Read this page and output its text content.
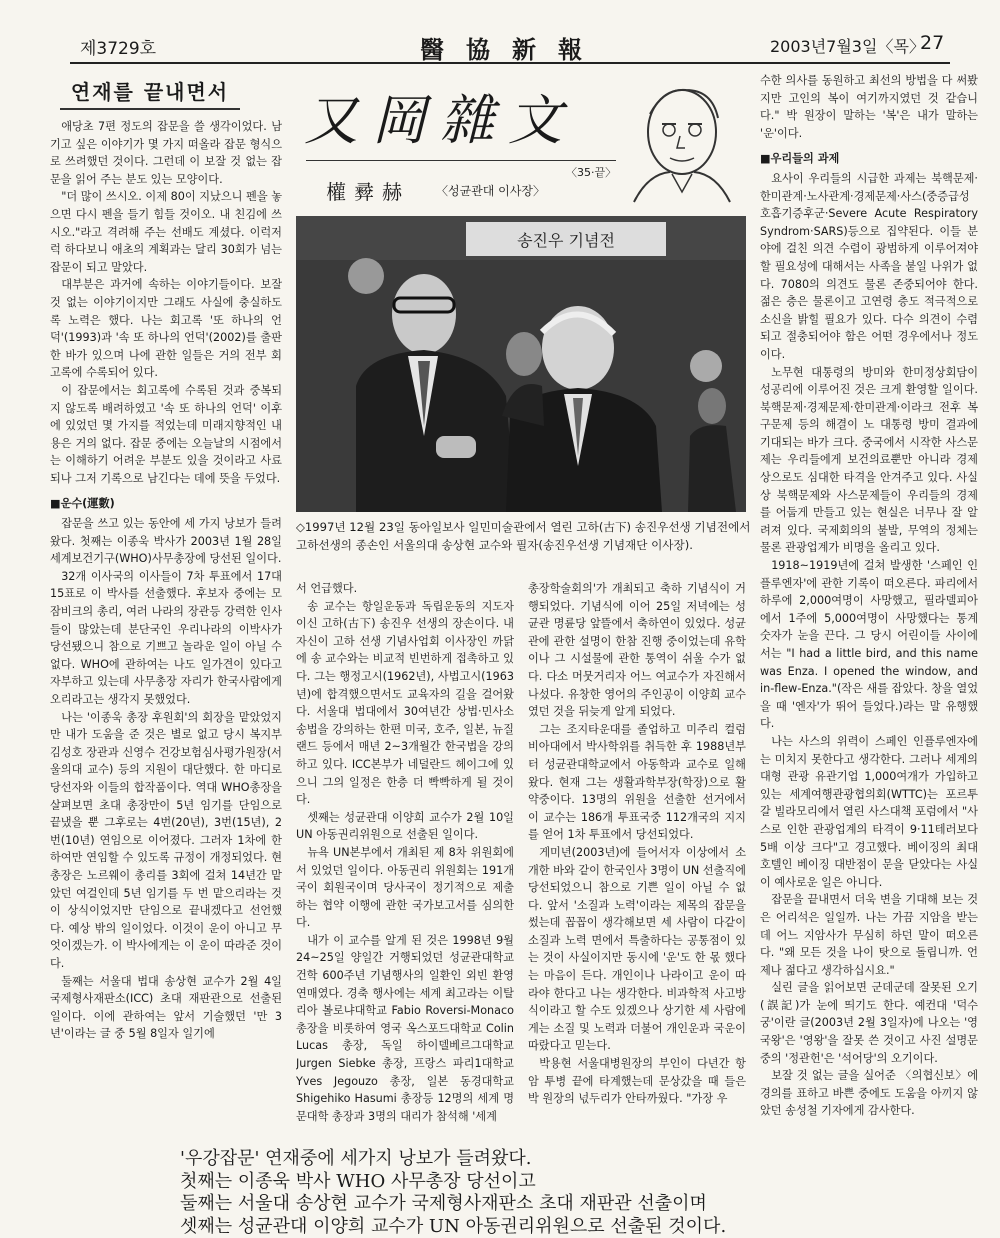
제3729호	醫協新報	2003년7월3일〈목〉
27
연재를 끝내면서 又岡雜文
〈35·끝〉
權彛赫 〈성균관대 이사장〉
송진우 기념전
◇1997년 12월 23일 동아일보사 일민미술관에서 열린 고하(古下) 송진우선생 기념전에서 고하선생의 종손인 서울의대 송상현 교수와 필자(송진우선생 기념재단 이사장).

애당초 7편 정도의 잡문을 쓸 생각이었다. 남기고 싶은 이야기가 몇 가지 떠올라 잡문 형식으로 쓰려했던 것이다. 그런데 이 보잘 것 없는 잡문을 읽어 주는 분도 있는 모양이다.

"더 많이 쓰시오. 이제 80이 지났으니 펜을 놓으면 다시 펜을 들기 힘들 것이오. 내 친김에 쓰시오."라고 격려해 주는 선배도 계셨다. 이럭저럭 하다보니 애초의 계획과는 달리 30회가 넘는 잡문이 되고 말았다.

대부분은 과거에 속하는 이야기들이다. 보잘 것 없는 이야기이지만 그래도 사실에 충실하도록 노력은 했다. 나는 회고록 '또 하나의 언덕'(1993)과 '속 또 하나의 언덕'(2002)를 출판한 바가 있으며 나에 관한 일들은 거의 전부 회고록에 수록되어 있다.

이 잡문에서는 회고록에 수록된 것과 중복되지 않도록 배려하였고 '속 또 하나의 언덕' 이후에 있었던 몇 가지를 적었는데 미래지향적인 내용은 거의 없다. 잡문 중에는 오늘날의 시점에서는 이해하기 어려운 부분도 있을 것이라고 사료되나 그저 기록으로 남긴다는 데에 뜻을 두었다.

■운수(運數)

잡문을 쓰고 있는 동안에 세 가지 낭보가 들려왔다. 첫째는 이종욱 박사가 2003년 1월 28일 세계보건기구(WHO)사무총장에 당선된 일이다.

32개 이사국의 이사들이 7차 투표에서 17대 15표로 이 박사를 선출했다. 후보자 중에는 모잠비크의 총리, 여러 나라의 장관등 강력한 인사들이 많았는데 분단국인 우리나라의 이박사가 당선됐으니 참으로 기쁘고 놀라운 일이 아닐 수 없다. WHO에 관하여는 나도 일가견이 있다고 자부하고 있는데 사무총장 자리가 한국사람에게 오리라고는 생각지 못했었다.

나는 '이종욱 총장 후원회'의 회장을 맡았었지만 내가 도움을 준 것은 별로 없고 당시 복지부 김성호 장관과 신영수 건강보험심사평가원장(서울의대 교수) 등의 지원이 대단했다. 한 마디로 당선자와 이들의 합작품이다. 역대 WHO총장을 살펴보면 초대 총장만이 5년 임기를 단임으로 끝냈을 뿐 그후로는 4번(20년), 3번(15년), 2번(10년) 연임으로 이어졌다. 그러자 1차에 한하여만 연임할 수 있도록 규정이 개정되었다. 현총장은 노르웨이 총리를 3회에 걸쳐 14년간 맡았던 여걸인데 5년 임기를 두 번 맡으리라는 것이 상식이었지만 단임으로 끝내겠다고 선언했다. 예상 밖의 일이었다. 이것이 운이 아니고 무엇이겠는가. 이 박사에게는 이 운이 따라준 것이다.

둘째는 서울대 법대 송상현 교수가 2월 4일 국제형사재판소(ICC) 초대 재판관으로 선출된 일이다. 이에 관하여는 앞서 기술했던 '만 3년'이라는 글 중 5월 8일자 일기에

서 언급했다.

송 교수는 항일운동과 독립운동의 지도자이신 고하(古下) 송진우 선생의 장손이다. 내 자신이 고하 선생 기념사업회 이사장인 까닭에 송 교수와는 비교적 빈번하게 접촉하고 있다. 그는 행정고시(1962년), 사법고시(1963년)에 합격했으면서도 교육자의 길을 걸어왔다. 서울대 법대에서 30여년간 상법·민사소송법을 강의하는 한편 미국, 호주, 일본, 뉴질랜드 등에서 매년 2~3개월간 한국법을 강의하고 있다. ICC본부가 네덜란드 헤이그에 있으니 그의 일정은 한층 더 빡빡하게 될 것이다.

셋째는 성균관대 이양희 교수가 2월 10일 UN 아동권리위원으로 선출된 일이다.

뉴욕 UN본부에서 개최된 제 8차 위원회에서 있었던 일이다. 아동권리 위원회는 191개국이 회원국이며 당사국이 정기적으로 제출하는 협약 이행에 관한 국가보고서를 심의한다.

내가 이 교수를 알게 된 것은 1998년 9월 24~25일 양일간 거행되었던 성균관대학교 건학 600주년 기념행사의 일환인 외빈 환영 연매였다. 경축 행사에는 세계 최고라는 이탈리아 볼로냐대학교 Fabio Roversi-Monaco 총장을 비롯하여 영국 옥스포드대학교 Colin Lucas 총장, 독일 하이델베르그대학교 Jurgen Siebke 총장, 프랑스 파리1대학교 Yves Jegouzo 총장, 일본 동경대학교 Shigehiko Hasumi 총장등 12명의 세계 명문대학 총장과 3명의 대리가 참석해 '세계

총장학술회의'가 개최되고 축하 기념식이 거행되었다. 기념식에 이어 25일 저녁에는 성균관 명륜당 앞뜰에서 축하연이 있었다. 성균관에 관한 설명이 한참 진행 중이었는데 유학이나 그 시설물에 관한 통역이 쉬울 수가 없다. 다소 머뭇거리자 어느 여교수가 자진해서 나섰다. 유창한 영어의 주인공이 이양희 교수였던 것을 뒤늦게 알게 되었다.

그는 조지타운대를 졸업하고 미주리 컬럼비아대에서 박사학위를 취득한 후 1988년부터 성균관대학교에서 아동학과 교수로 일해왔다. 현재 그는 생활과학부장(학장)으로 활약중이다. 13명의 위원을 선출한 선거에서 이 교수는 186개 투표국중 112개국의 지지를 얻어 1차 투표에서 당선되었다.

게미년(2003년)에 들어서자 이상에서 소개한 바와 같이 한국인사 3명이 UN 선출직에 당선되었으니 참으로 기쁜 일이 아닐 수 없다. 앞서 '소질과 노력'이라는 제목의 잡문을 썼는데 꼽꼽이 생각해보면 세 사람이 다같이 소질과 노력 면에서 특출하다는 공통점이 있는 것이 사실이지만 동시에 '운'도 한 몫 했다는 마음이 든다. 개인이나 나라이고 운이 따라야 한다고 나는 생각한다. 비과학적 사고방식이라고 할 수도 있겠으나 상기한 세 사람에게는 소질 및 노력과 더불어 개인운과 국운이 따랐다고 믿는다.

박용현 서울대병원장의 부인이 다년간 항암 투병 끝에 타계했는데 문상갔을 때 들은 박 원장의 넋두리가 안타까웠다. "가장 우

수한 의사를 동원하고 최선의 방법을 다 써봤지만 고인의 복이 여기까지였던 것 같습니다." 박 원장이 말하는 '복'은 내가 말하는 '운'이다.

■우리들의 과제

요사이 우리들의 시급한 과제는 북핵문제·한미관계·노사관계·경제문제·사스(중증급성호흡기증후군·Severe Acute Respiratory Syndrom·SARS)등으로 집약된다. 이들 분야에 걸친 의견 수렴이 광범하게 이루어져야 할 필요성에 대해서는 사족을 붙일 나위가 없다. 7080의 의견도 물론 존중되어야 한다. 젊은 층은 물론이고 고연령 층도 적극적으로 소신을 밝힐 필요가 있다. 다수 의견이 수렴되고 절충되어야 함은 어떤 경우에서나 정도이다.

노무현 대통령의 방미와 한미정상회담이 성공리에 이루어진 것은 크게 환영할 일이다. 북핵문제·경제문제·한미관계·이라크 전후 복구문제 등의 해결이 노 대통령 방미 결과에 기대되는 바가 크다. 중국에서 시작한 사스문제는 우리들에게 보건의료뿐만 아니라 경제상으로도 심대한 타격을 안겨주고 있다. 사실상 북핵문제와 사스문제들이 우리들의 경제를 어둡게 만들고 있는 현실은 너무나 잘 알려져 있다. 국제회의의 불발, 무역의 정체는 물론 관광업계가 비명을 올리고 있다.

1918~1919년에 걸쳐 발생한 '스페인 인플루엔자'에 관한 기록이 떠오른다. 파리에서 하루에 2,000여명이 사망했고, 필라델피아에서 1주에 5,000여명이 사망했다는 통계 숫자가 눈을 끈다. 그 당시 어린이들 사이에서는 "I had a little bird, and this name was Enza. I opened the window, and in-flew-Enza."(작은 새를 잡았다. 창을 열었을 때 '엔자'가 뛰어 들었다.)라는 말 유행했다.

나는 사스의 위력이 스페인 인플루엔자에는 미치지 못한다고 생각한다. 그러나 세계의 대형 관광 유관기업 1,000여개가 가입하고 있는 세계여행관광협의회(WTTC)는 포르투갈 빌라모리에서 열린 사스대책 포럼에서 "사스로 인한 관광업계의 타격이 9·11테러보다 5배 이상 크다"고 경고했다. 베이징의 최대 호텔인 베이징 대반점이 문을 닫았다는 사실이 예사로운 일은 아니다.

잡문을 끝내면서 더욱 변을 기대해 보는 것은 어리석은 일일까. 나는 가끔 지암을 받는데 어느 지암사가 무심히 하던 말이 떠오른다. "왜 모든 것을 나이 탓으로 돌립니까. 언제나 젊다고 생각하십시요."

실린 글을 읽어보면 군데군데 잘못된 오기(誤記)가 눈에 띄기도 한다. 예컨대 '덕수궁'이란 글(2003년 2월 3일자)에 나오는 '영국왕'은 '영왕'을 잘못 쓴 것이고 사진 설명문 중의 '정관헌'은 '석어당'의 오기이다.

보잘 것 없는 글을 실어준 〈의협신보〉에 경의를 표하고 바쁜 중에도 도움을 아끼지 않았던 송성철 기자에게 감사한다.

'우강잡문' 연재중에 세가지 낭보가 들려왔다.
첫째는 이종욱 박사 WHO 사무총장 당선이고
둘째는 서울대 송상현 교수가 국제형사재판소 초대 재판관 선출이며
셋째는 성균관대 이양희 교수가 UN 아동권리위원으로 선출된 것이다.
